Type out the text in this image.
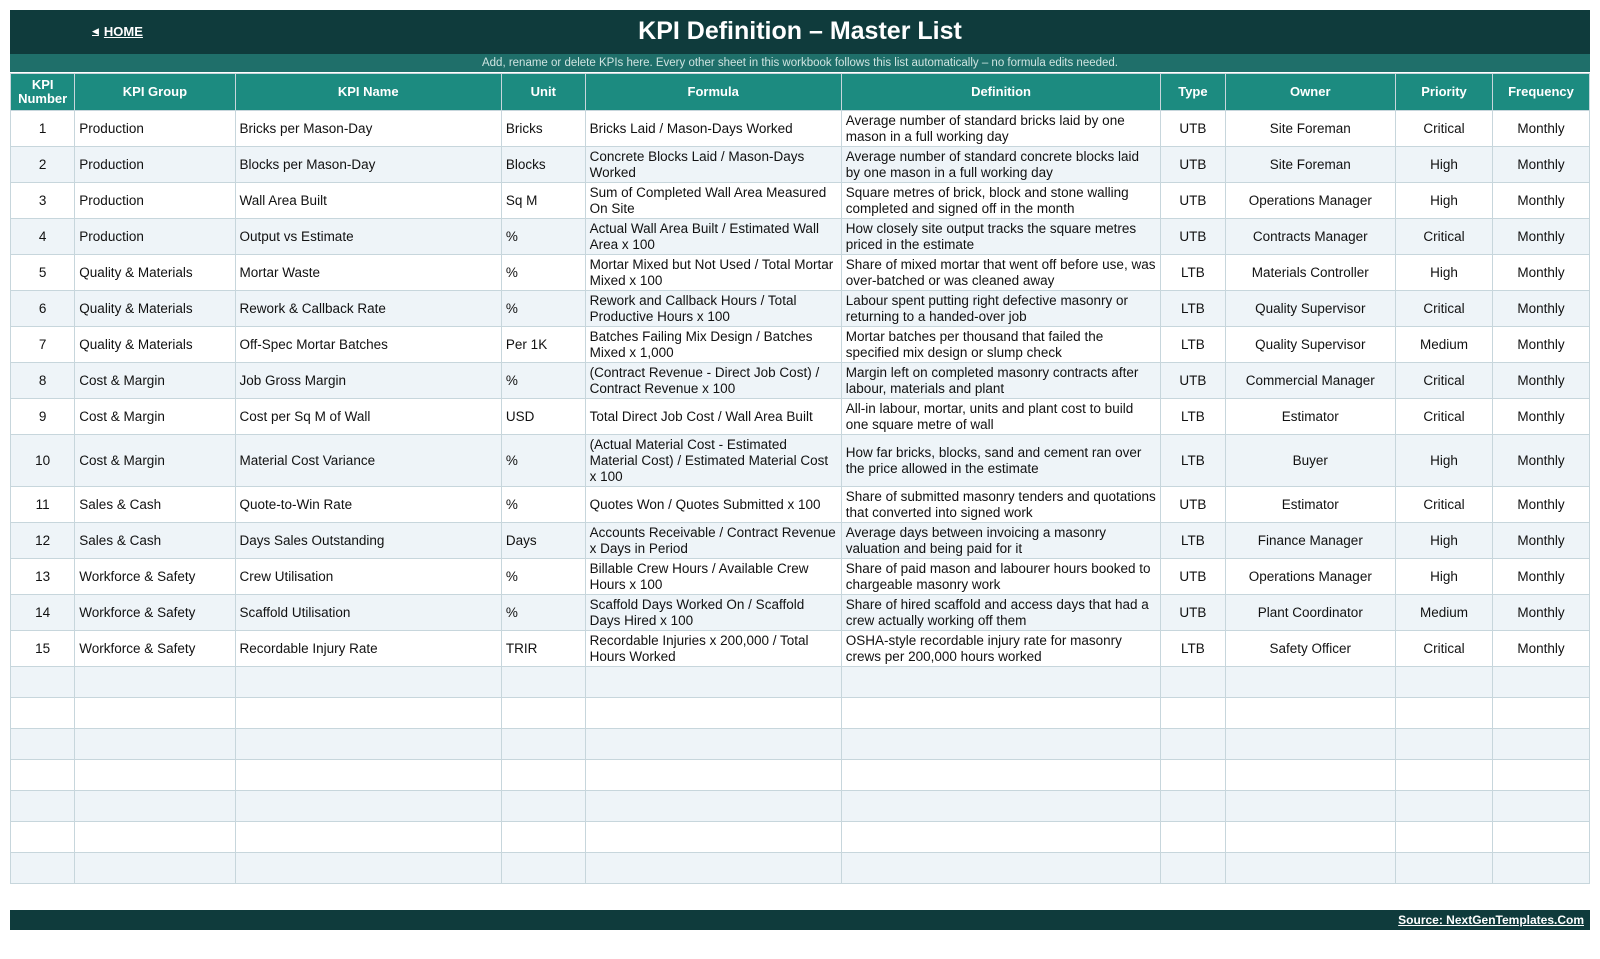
◀ HOME	KPI Definition – Master List
Add, rename or delete KPIs here. Every other sheet in this workbook follows this list automatically – no formula edits needed.
KPI Number	KPI Group	KPI Name	Unit	Formula	Definition	Type	Owner	Priority	Frequency
1	Production	Bricks per Mason-Day	Bricks	Bricks Laid / Mason-Days Worked	Average number of standard bricks laid by one mason in a full working day	UTB	Site Foreman	Critical	Monthly
2	Production	Blocks per Mason-Day	Blocks	Concrete Blocks Laid / Mason-Days Worked	Average number of standard concrete blocks laid by one mason in a full working day	UTB	Site Foreman	High	Monthly
3	Production	Wall Area Built	Sq M	Sum of Completed Wall Area Measured On Site	Square metres of brick, block and stone walling completed and signed off in the month	UTB	Operations Manager	High	Monthly
4	Production	Output vs Estimate	%	Actual Wall Area Built / Estimated Wall Area x 100	How closely site output tracks the square metres priced in the estimate	UTB	Contracts Manager	Critical	Monthly
5	Quality & Materials	Mortar Waste	%	Mortar Mixed but Not Used / Total Mortar Mixed x 100	Share of mixed mortar that went off before use, was over-batched or was cleaned away	LTB	Materials Controller	High	Monthly
6	Quality & Materials	Rework & Callback Rate	%	Rework and Callback Hours / Total Productive Hours x 100	Labour spent putting right defective masonry or returning to a handed-over job	LTB	Quality Supervisor	Critical	Monthly
7	Quality & Materials	Off-Spec Mortar Batches	Per 1K	Batches Failing Mix Design / Batches Mixed x 1,000	Mortar batches per thousand that failed the specified mix design or slump check	LTB	Quality Supervisor	Medium	Monthly
8	Cost & Margin	Job Gross Margin	%	(Contract Revenue - Direct Job Cost) / Contract Revenue x 100	Margin left on completed masonry contracts after labour, materials and plant	UTB	Commercial Manager	Critical	Monthly
9	Cost & Margin	Cost per Sq M of Wall	USD	Total Direct Job Cost / Wall Area Built	All-in labour, mortar, units and plant cost to build one square metre of wall	LTB	Estimator	Critical	Monthly
10	Cost & Margin	Material Cost Variance	%	(Actual Material Cost - Estimated Material Cost) / Estimated Material Cost x 100	How far bricks, blocks, sand and cement ran over the price allowed in the estimate	LTB	Buyer	High	Monthly
11	Sales & Cash	Quote-to-Win Rate	%	Quotes Won / Quotes Submitted x 100	Share of submitted masonry tenders and quotations that converted into signed work	UTB	Estimator	Critical	Monthly
12	Sales & Cash	Days Sales Outstanding	Days	Accounts Receivable / Contract Revenue x Days in Period	Average days between invoicing a masonry valuation and being paid for it	LTB	Finance Manager	High	Monthly
13	Workforce & Safety	Crew Utilisation	%	Billable Crew Hours / Available Crew Hours x 100	Share of paid mason and labourer hours booked to chargeable masonry work	UTB	Operations Manager	High	Monthly
14	Workforce & Safety	Scaffold Utilisation	%	Scaffold Days Worked On / Scaffold Days Hired x 100	Share of hired scaffold and access days that had a crew actually working off them	UTB	Plant Coordinator	Medium	Monthly
15	Workforce & Safety	Recordable Injury Rate	TRIR	Recordable Injuries x 200,000 / Total Hours Worked	OSHA-style recordable injury rate for masonry crews per 200,000 hours worked	LTB	Safety Officer	Critical	Monthly

Source: NextGenTemplates.Com
